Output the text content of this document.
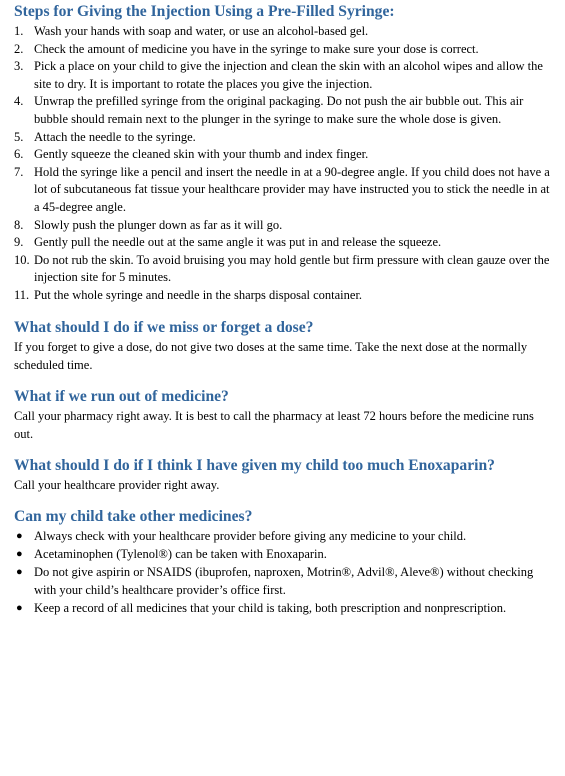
Steps for Giving the Injection Using a Pre-Filled Syringe:
1. Wash your hands with soap and water, or use an alcohol-based gel.
2. Check the amount of medicine you have in the syringe to make sure your dose is correct.
3. Pick a place on your child to give the injection and clean the skin with an alcohol wipes and allow the site to dry. It is important to rotate the places you give the injection.
4. Unwrap the prefilled syringe from the original packaging. Do not push the air bubble out. This air bubble should remain next to the plunger in the syringe to make sure the whole dose is given.
5. Attach the needle to the syringe.
6. Gently squeeze the cleaned skin with your thumb and index finger.
7. Hold the syringe like a pencil and insert the needle in at a 90-degree angle. If you child does not have a lot of subcutaneous fat tissue your healthcare provider may have instructed you to stick the needle in at a 45-degree angle.
8. Slowly push the plunger down as far as it will go.
9. Gently pull the needle out at the same angle it was put in and release the squeeze.
10. Do not rub the skin. To avoid bruising you may hold gentle but firm pressure with clean gauze over the injection site for 5 minutes.
11. Put the whole syringe and needle in the sharps disposal container.
What should I do if we miss or forget a dose?

If you forget to give a dose, do not give two doses at the same time. Take the next dose at the normally scheduled time.

What if we run out of medicine?

Call your pharmacy right away. It is best to call the pharmacy at least 72 hours before the medicine runs out.

What should I do if I think I have given my child too much Enoxaparin?

Call your healthcare provider right away.

Can my child take other medicines?
● Always check with your healthcare provider before giving any medicine to your child.
● Acetaminophen (Tylenol®) can be taken with Enoxaparin.
● Do not give aspirin or NSAIDS (ibuprofen, naproxen, Motrin®, Advil®, Aleve®) without checking with your child’s healthcare provider’s office first.
● Keep a record of all medicines that your child is taking, both prescription and nonprescription.
